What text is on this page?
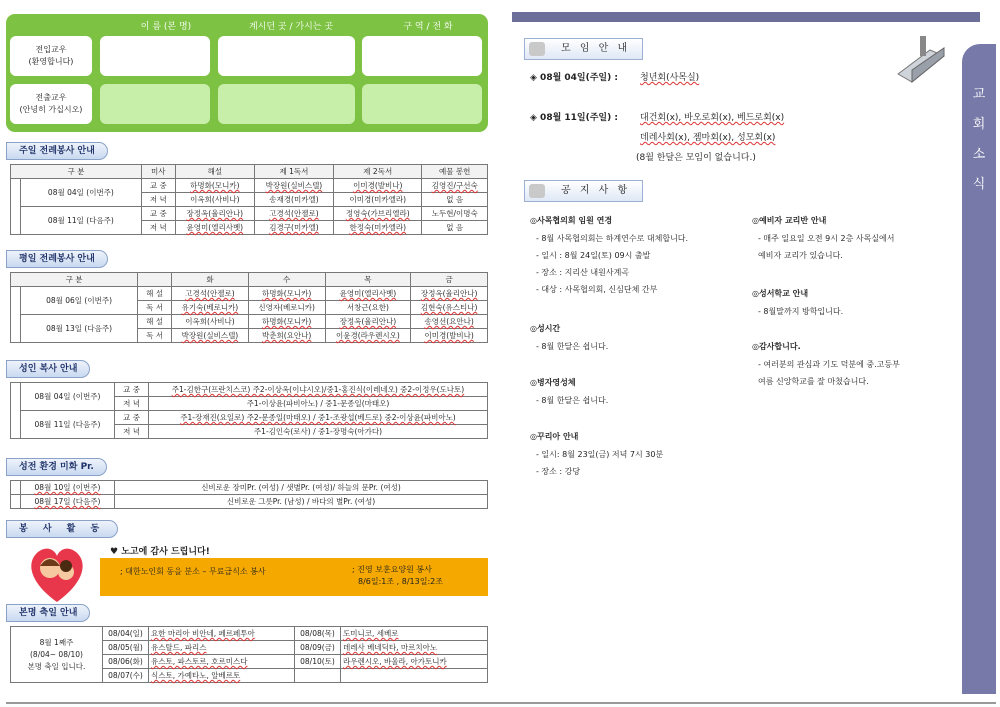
이 름 (본 명)	계시던 곳 / 가시는 곳	구 역 / 전 화
전입교우
(환영합니다)
전출교우
(안녕히 가십시오)
주일 전례봉사 안내
구 분		미사	해설	제 1독서	제 2독서	예물 봉헌
	08월 04일 (이번주)	교 중	하명화(모니카)	박장원(실비스텔)	이미경(발비나)	김영진/구선숙
		저 녁	이옥희(사비나)	송재경(미카엘)	이미경(미카엘라)	없 음
	08월 11일 (다음주)	교 중	장정옥(율리안나)	고경석(안젤로)	정영숙(가브리엘라)	노두현/이명숙
		저 녁	윤영미(엘리사벳)	김경구(미카엘)	한정숙(미카엘라)	없 음
평일 전례봉사 안내
구 분			화	수	목	금
	08월 06일 (이번주)	해 설	고경석(안젤로)	하명화(모니카)	윤영미(엘리사벳)	장정옥(율리안나)
		독 서	유기숙(베로니카)	신영자(베로니카)	서창근(요한)	김현숙(유스티나)
	08월 13일 (다음주)	해 설	이옥희(사비나)	하명화(모니카)	장정옥(율리안나)	송영선(요안나)
		독 서	박장원(실비스텔)	박춘희(요안나)	이윤경(라우렌시오)	이미경(발비나)
성인 복사 안내
	08월 04일 (이번주)	교 중	주1-김한구(프란치스코) 주2-이상옥(이냐시오)/중1-홍진식(이레네오) 중2-이정우(도나토)
		저 녁	주1-이상윤(파비아노) / 중1-문종일(마태오)
	08월 11일 (다음주)	교 중	주1-장재진(요일로) 주2-문종일(마태오) / 중1-조광섭(베드로) 중2-이상윤(파비아노)
		저 녁	주1-김인숙(로사) / 중1-장명숙(아가다)
성전 환경 미화 Pr.
	08월 10일 (이번주)	신비로운 장미Pr. (여성) / 샛별Pr. (여성)/ 하늘의 문Pr. (여성)
	08월 17일 (다음주)	신비로운 그릇Pr. (남성) / 바다의 별Pr. (여성)
봉 사 활 동
♥ 노고에 감사 드립니다!
; 대한노인회 동을 분소 – 무료급식소 봉사	; 진영 보훈요양원 봉사
8/6일:1조 , 8/13일:2조
본명 축일 안내
8월 1째주
(8/04~ 08/10)
본명 축일 입니다.	08/04(일)	요한 마리아 비안네, 페르페투아	08/08(목)	도미니코, 세베로
	08/05(월)	유스탈드, 파리스	08/09(금)	데레사 베네딕타, 마르치아노
	08/06(화)	유스토, 파스토르, 호르미스다	08/10(토)	라우렌시오, 바울라, 아가토니카
	08/07(수)	식스토, 가예타노, 알베르토		
교
회
소
식
모 임 안 내
◈ 08월 04일(주일) : 청년회(사목실)
◈ 08월 11일(주일) : 대건회(x), 바오로회(x), 베드로회(x)
데레사회(x), 젬마회(x), 성모회(x)
(8월 한달은 모임이 없습니다.)
공 지 사 항
◎사목협의회 임원 연경
- 8월 사목협의회는 하계연수로 대체합니다.
- 일시 : 8월 24일(토) 09시 출발
- 장소 : 지리산 내원사계곡
- 대상 : 사목협의회, 신심단체 간부
◎성시간
- 8월 한달은 쉽니다.
◎병자영성체
- 8월 한달은 쉽니다.
◎꾸리아 안내
- 일시: 8월 23일(금) 저녁 7시 30분
- 장소 : 강당
◎예비자 교리반 안내
- 매주 일요일 오전 9시 2층 사목실에서
예비자 교리가 있습니다.
◎성서학교 안내
- 8월말까지 방학입니다.
◎감사합니다.
- 여러분의 관심과 기도 덕분에 중.고등부
여름 신앙학교를 잘 마쳤습니다.
